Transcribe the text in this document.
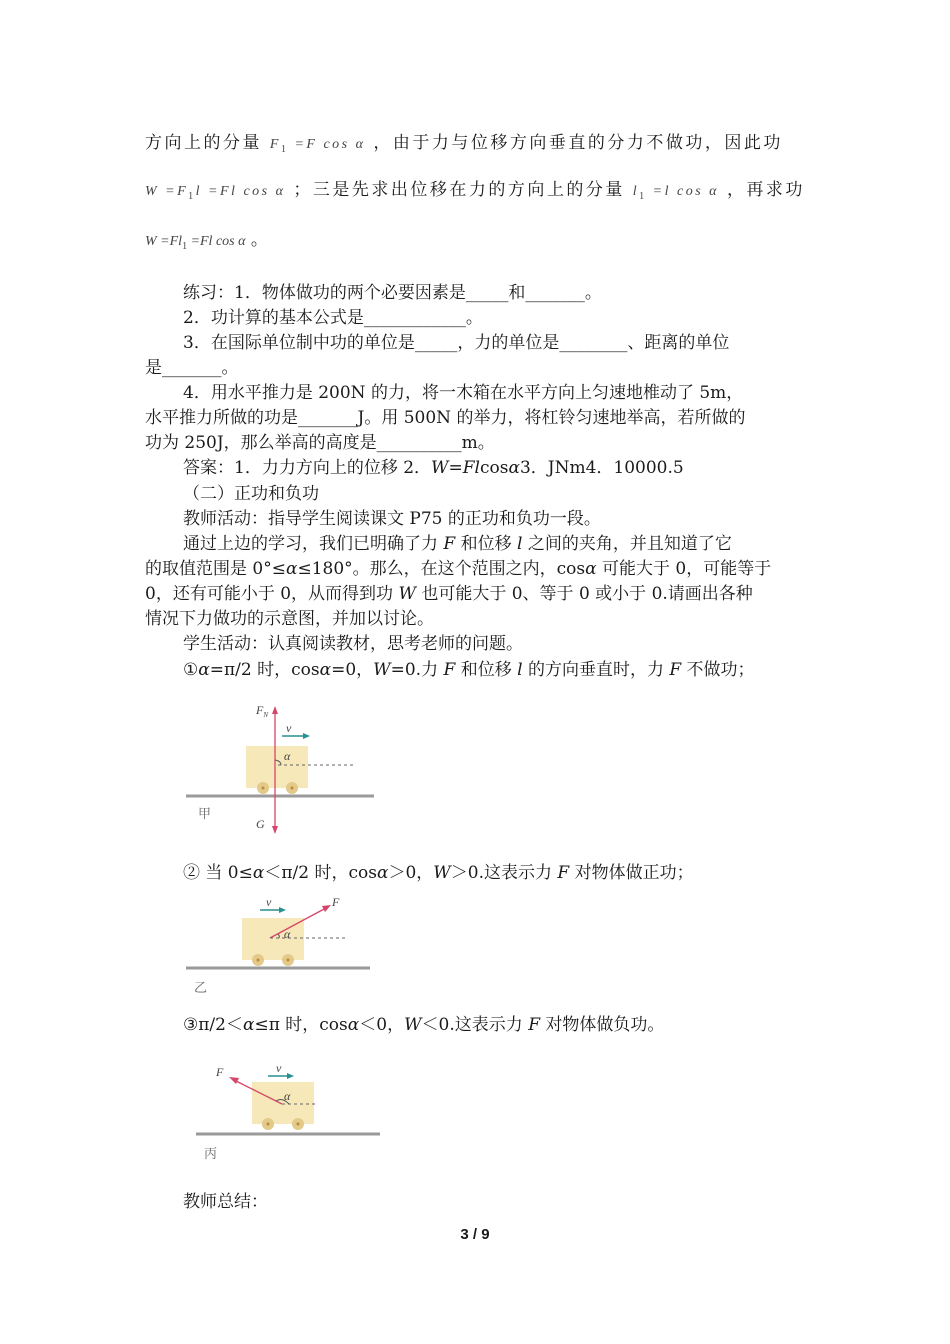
方向上的分量 $F_1 =F$ cos α ，由于力与位移方向垂直的分力不做功，因此功
$W =F_1l =Fl$ cos α ；三是先求出位移在力的方向上的分量 $l_1 =l$ cos α ，再求功
$W =Fl_1 =Fl$ cos α 。
练习：1．物体做功的两个必要因素是_____和_______。
2．功计算的基本公式是____________。
3．在国际单位制中功的单位是_____，力的单位是________、距离的单位
是_______。
4．用水平推力是 200N 的力，将一木箱在水平方向上匀速地椎动了 5m，
水平推力所做的功是_______J。用 500N 的举力，将杠铃匀速地举高，若所做的
功为 250J，那么举高的高度是__________m。
答案：1．力力方向上的位移 2．W=Flcosα3．JNm4．10000.5
（二）正功和负功
教师活动：指导学生阅读课文 P75 的正功和负功一段。
通过上边的学习，我们已明确了力 F 和位移 l 之间的夹角，并且知道了它
的取值范围是 0°≤α≤180°。那么，在这个范围之内，cosα 可能大于 0，可能等于
0，还有可能小于 0，从而得到功 W 也可能大于 0、等于 0 或小于 0.请画出各种
情况下力做功的示意图，并加以讨论。
学生活动：认真阅读教材，思考老师的问题。
①α=π/2 时，cosα=0，W=0.力 F 和位移 l 的方向垂直时，力 F 不做功；
$F_N$
v
α
G
甲
② 当 0≤α＜π/2 时，cosα＞0，W＞0.这表示力 F 对物体做正功；
v	F
α
乙
③π/2＜α≤π 时，cosα＜0，W＜0.这表示力 F 对物体做负功。
F	v
α
丙
教师总结：
3 / 9
